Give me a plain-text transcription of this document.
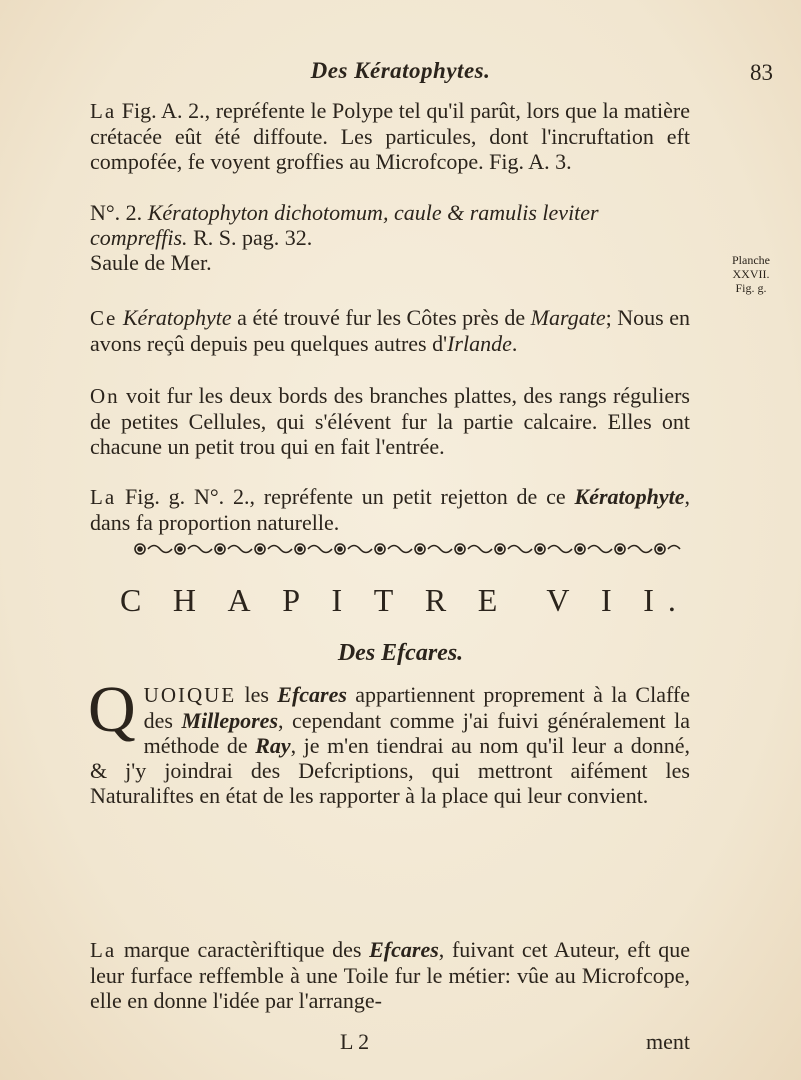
Des Kératophytes.	83

La Fig. A. 2., repréfente le Polype tel qu'il parût, lors que la matière crétacée eût été diffoute. Les particules, dont l'incruftation eft compofée, fe voyent groffies au Microfcope. Fig. A. 3.

N°. 2. Kératophyton dichotomum, caule & ramulis leviter compreffis. R. S. pag. 32.
Saule de Mer.	Planche
XXVII.
Fig. g.

Ce Kératophyte a été trouvé fur les Côtes près de Margate; Nous en avons reçû depuis peu quelques autres d'Irlande.

On voit fur les deux bords des branches plattes, des rangs réguliers de petites Cellules, qui s'élévent fur la partie calcaire. Elles ont chacune un petit trou qui en fait l'entrée.

La Fig. g. N°. 2., repréfente un petit rejetton de ce Kératophyte, dans fa proportion naturelle.

C H A P I T R E V I I.
Des Efcares.

QUOIQUE les Efcares appartiennent proprement à la Claffe des Millepores, cependant comme j'ai fuivi généralement la méthode de Ray, je m'en tiendrai au nom qu'il leur a donné, & j'y joindrai des Defcriptions, qui mettront aifément les Naturaliftes en état de les rapporter à la place qui leur convient.

La marque caractèriftique des Efcares, fuivant cet Auteur, eft que leur furface reffemble à une Toile fur le métier: vûe au Microfcope, elle en donne l'idée par l'arrange-

L 2	ment
